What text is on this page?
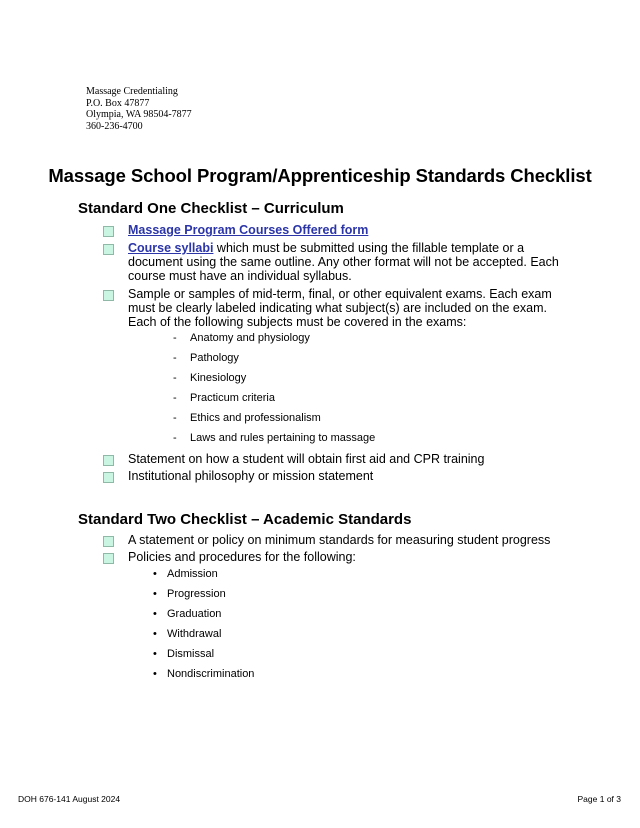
Massage Credentialing
P.O. Box 47877
Olympia, WA 98504-7877
360-236-4700
Massage School Program/Apprenticeship Standards Checklist
Standard One Checklist – Curriculum
Massage Program Courses Offered form
Course syllabi which must be submitted using the fillable template or a document using the same outline. Any other format will not be accepted. Each course must have an individual syllabus.
Sample or samples of mid-term, final, or other equivalent exams. Each exam must be clearly labeled indicating what subject(s) are included on the exam. Each of the following subjects must be covered in the exams:
- Anatomy and physiology
- Pathology
- Kinesiology
- Practicum criteria
- Ethics and professionalism
- Laws and rules pertaining to massage
Statement on how a student will obtain first aid and CPR training
Institutional philosophy or mission statement
Standard Two Checklist – Academic Standards
A statement or policy on minimum standards for measuring student progress
Policies and procedures for the following:
• Admission
• Progression
• Graduation
• Withdrawal
• Dismissal
• Nondiscrimination
DOH 676-141 August 2024	Page 1 of 3
